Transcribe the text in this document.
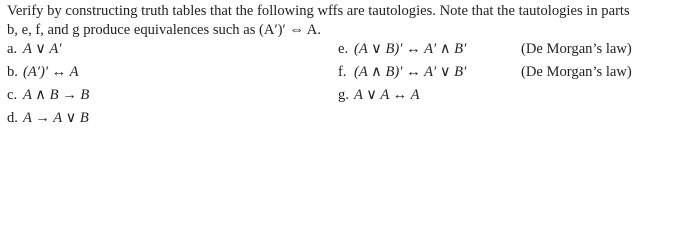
Verify by constructing truth tables that the following wffs are tautologies. Note that the tautologies in parts
b, e, f, and g produce equivalences such as (A′)′ ⇔ A.
a. A ∨ A′
b. (A′)′ ↔ A
c. A ∧ B → B
d. A → A ∨ B
e. (A ∨ B)′ ↔ A′ ∧ B′	(De Morgan’s law)
f. (A ∧ B)′ ↔ A′ ∨ B′	(De Morgan’s law)
g. A ∨ A ↔ A
